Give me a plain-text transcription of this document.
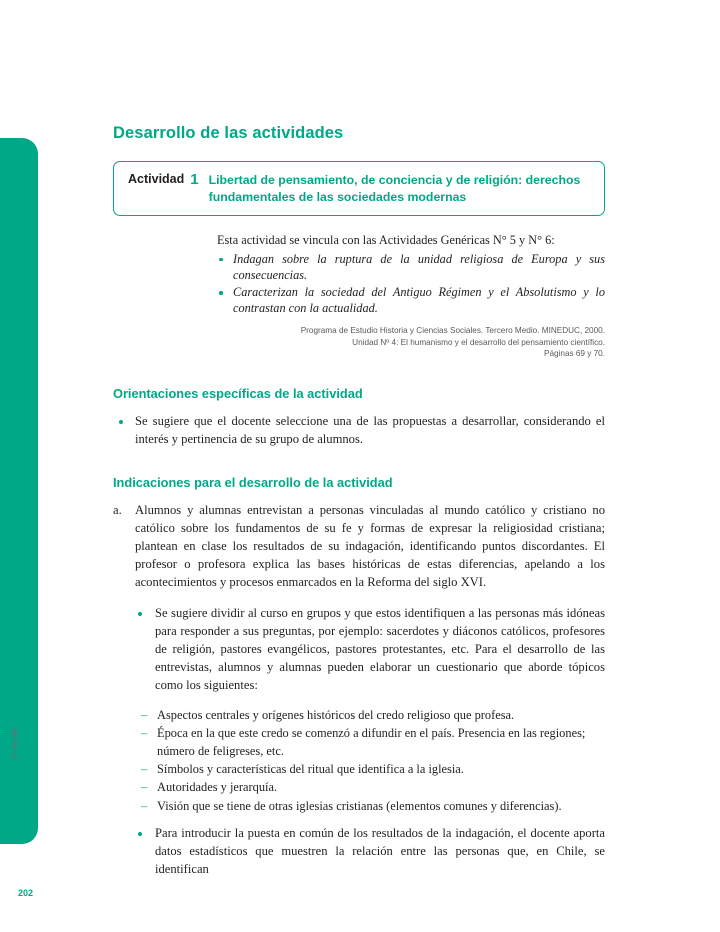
3º Medio
202
Desarrollo de las actividades
Actividad 1 Libertad de pensamiento, de conciencia y de religión: derechos fundamentales de las sociedades modernas
Esta actividad se vincula con las Actividades Genéricas N° 5 y N° 6:
Indagan sobre la ruptura de la unidad religiosa de Europa y sus consecuencias.
Caracterizan la sociedad del Antiguo Régimen y el Absolutismo y lo contrastan con la actualidad.
Programa de Estudio Historia y Ciencias Sociales. Tercero Medio. MINEDUC, 2000.
Unidad Nº 4: El humanismo y el desarrollo del pensamiento científico.
Páginas 69 y 70.
Orientaciones específicas de la actividad
Se sugiere que el docente seleccione una de las propuestas a desarrollar, considerando el interés y pertinencia de su grupo de alumnos.
Indicaciones para el desarrollo de la actividad
a. Alumnos y alumnas entrevistan a personas vinculadas al mundo católico y cristiano no católico sobre los fundamentos de su fe y formas de expresar la religiosidad cristiana; plantean en clase los resultados de su indagación, identificando puntos discordantes. El profesor o profesora explica las bases históricas de estas diferencias, apelando a los acontecimientos y procesos enmarcados en la Reforma del siglo XVI.
Se sugiere dividir al curso en grupos y que estos identifiquen a las personas más idóneas para responder a sus preguntas, por ejemplo: sacerdotes y diáconos católicos, profesores de religión, pastores evangélicos, pastores protestantes, etc. Para el desarrollo de las entrevistas, alumnos y alumnas pueden elaborar un cuestionario que aborde tópicos como los siguientes:
– Aspectos centrales y orígenes históricos del credo religioso que profesa.
– Época en la que este credo se comenzó a difundir en el país. Presencia en las regiones; número de feligreses, etc.
– Símbolos y características del ritual que identifica a la iglesia.
– Autoridades y jerarquía.
– Visión que se tiene de otras iglesias cristianas (elementos comunes y diferencias).
Para introducir la puesta en común de los resultados de la indagación, el docente aporta datos estadísticos que muestren la relación entre las personas que, en Chile, se identifican
